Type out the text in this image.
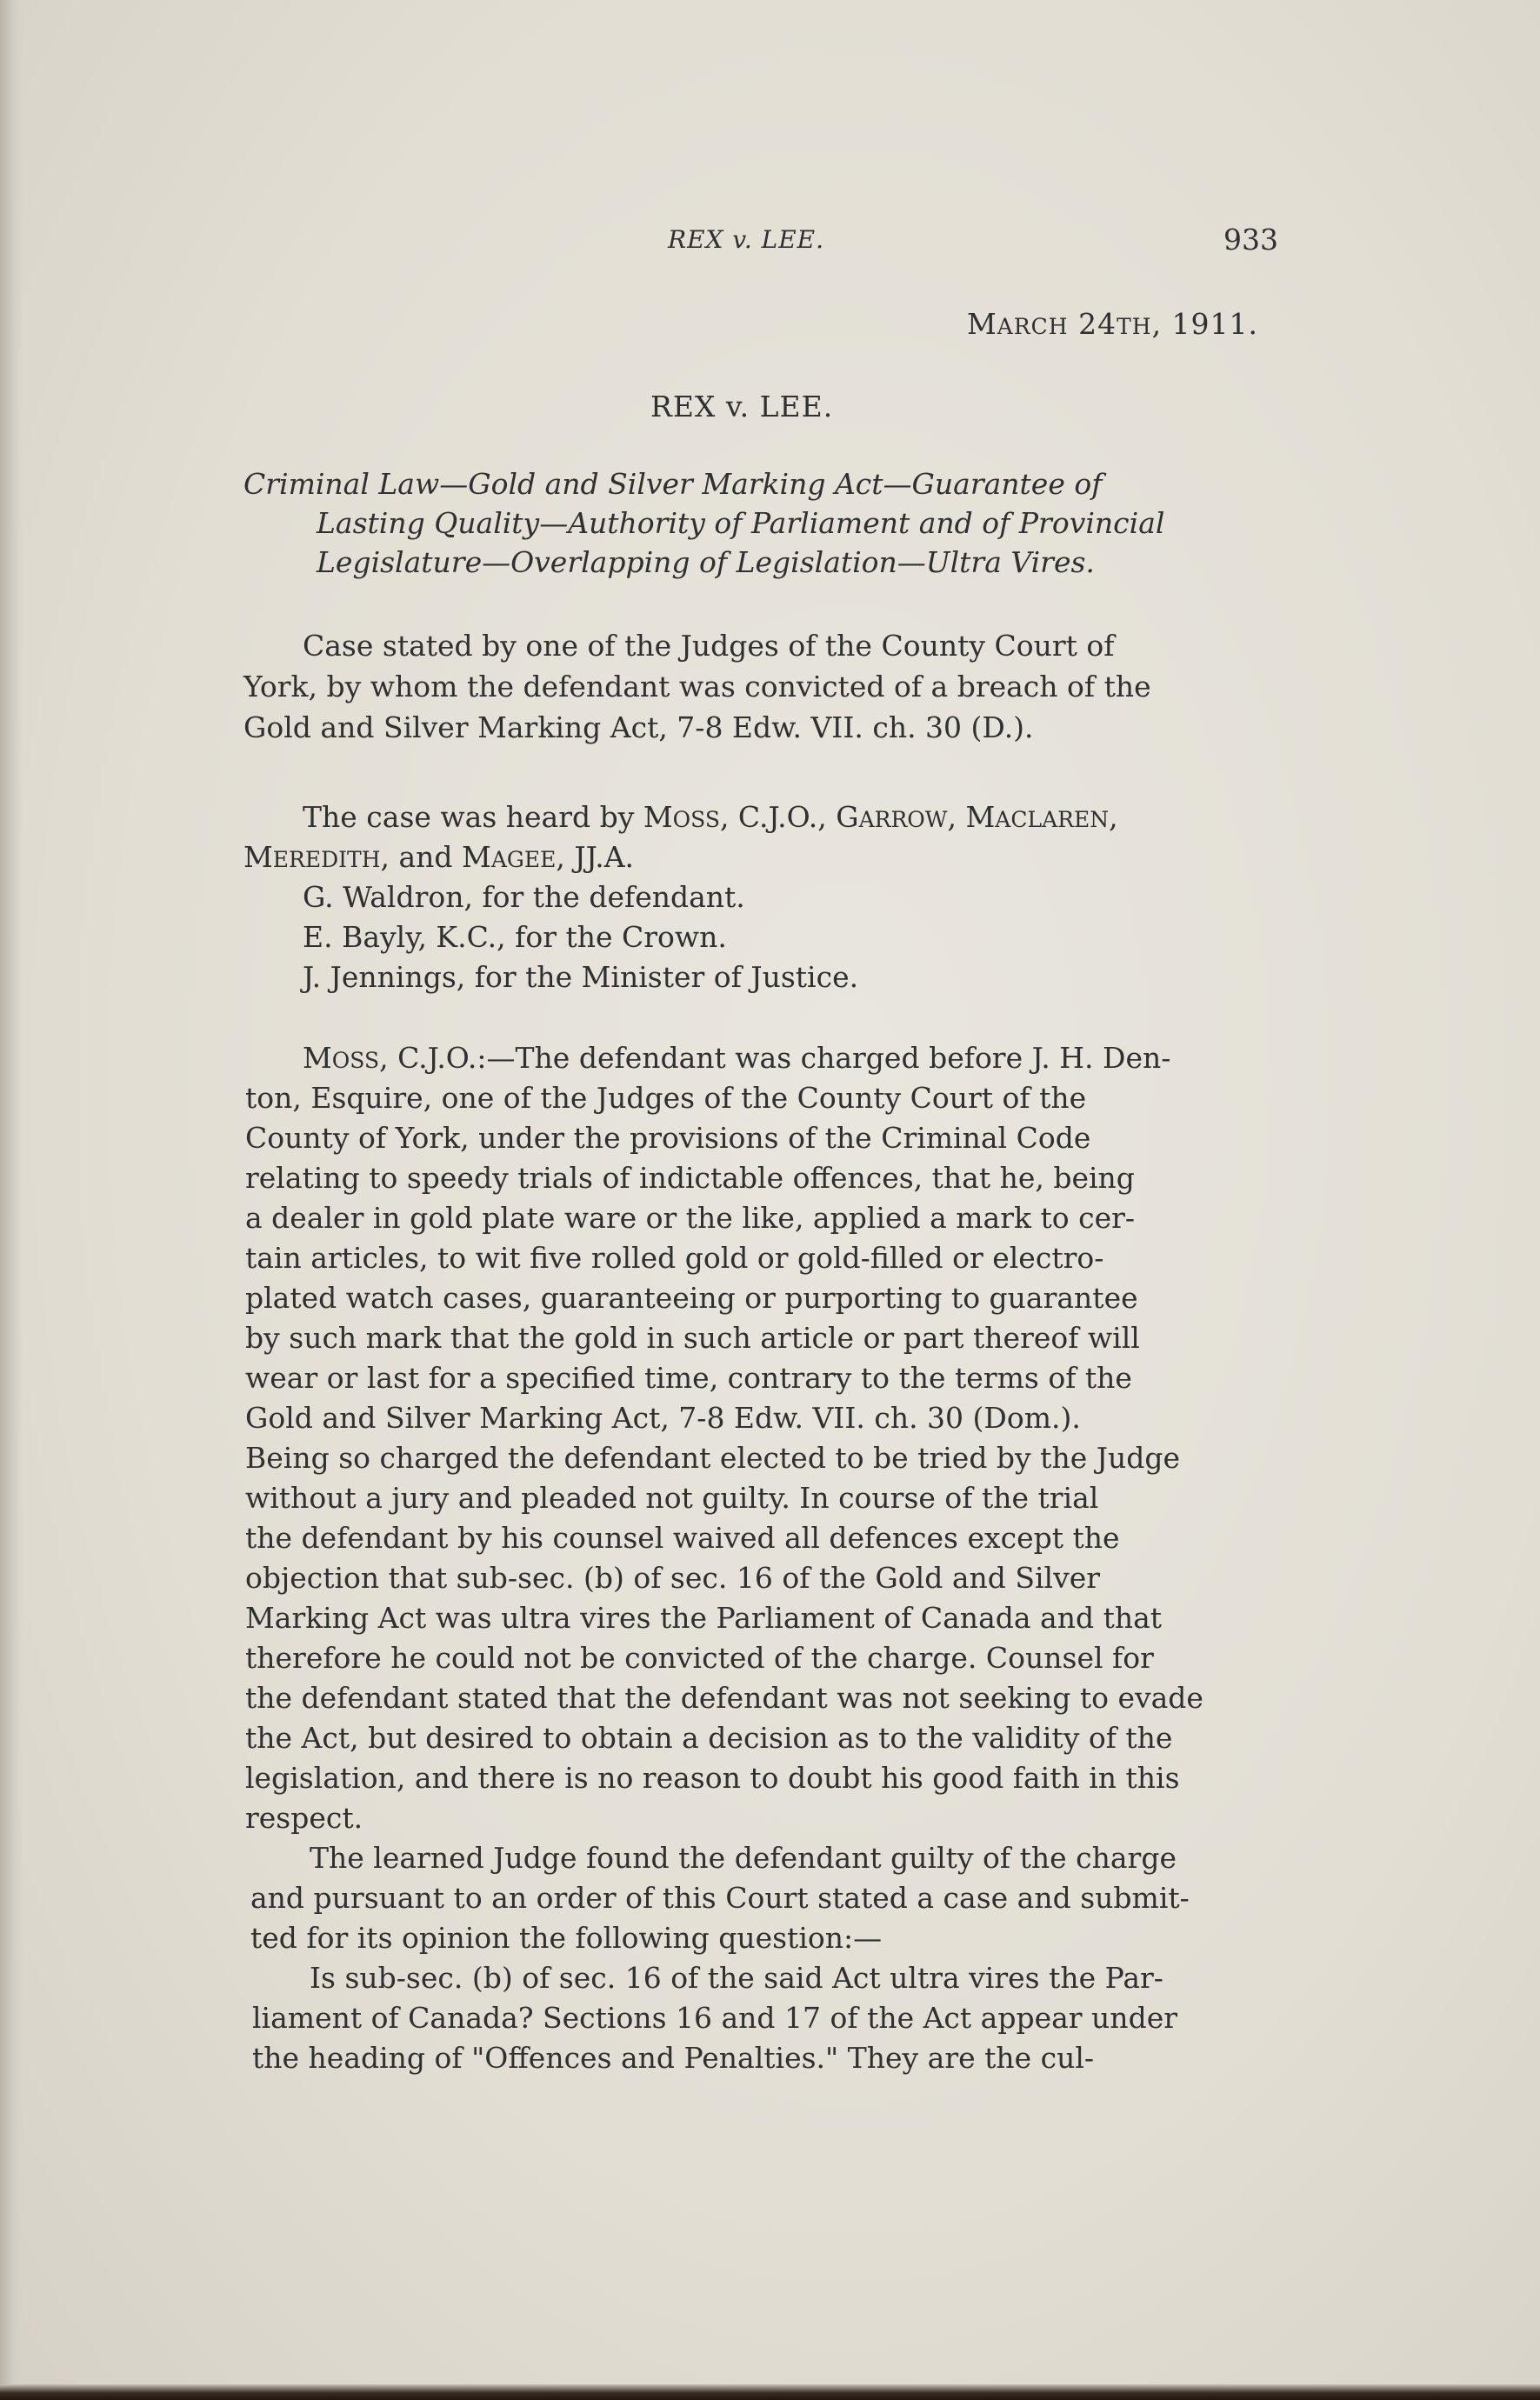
REX v. LEE.	933
MARCH 24TH, 1911.
REX v. LEE.
Criminal Law—Gold and Silver Marking Act—Guarantee of
Lasting Quality—Authority of Parliament and of Provincial
Legislature—Overlapping of Legislation—Ultra Vires.
Case stated by one of the Judges of the County Court of
York, by whom the defendant was convicted of a breach of the
Gold and Silver Marking Act, 7-8 Edw. VII. ch. 30 (D.).
The case was heard by MOSS, C.J.O., GARROW, MACLAREN,
MEREDITH, and MAGEE, JJ.A.
G. Waldron, for the defendant.
E. Bayly, K.C., for the Crown.
J. Jennings, for the Minister of Justice.
MOSS, C.J.O.:—The defendant was charged before J. H. Den-
ton, Esquire, one of the Judges of the County Court of the
County of York, under the provisions of the Criminal Code
relating to speedy trials of indictable offences, that he, being
a dealer in gold plate ware or the like, applied a mark to cer-
tain articles, to wit five rolled gold or gold-filled or electro-
plated watch cases, guaranteeing or purporting to guarantee
by such mark that the gold in such article or part thereof will
wear or last for a specified time, contrary to the terms of the
Gold and Silver Marking Act, 7-8 Edw. VII. ch. 30 (Dom.).
Being so charged the defendant elected to be tried by the Judge
without a jury and pleaded not guilty. In course of the trial
the defendant by his counsel waived all defences except the
objection that sub-sec. (b) of sec. 16 of the Gold and Silver
Marking Act was ultra vires the Parliament of Canada and that
therefore he could not be convicted of the charge. Counsel for
the defendant stated that the defendant was not seeking to evade
the Act, but desired to obtain a decision as to the validity of the
legislation, and there is no reason to doubt his good faith in this
respect.
The learned Judge found the defendant guilty of the charge
and pursuant to an order of this Court stated a case and submit-
ted for its opinion the following question:—
Is sub-sec. (b) of sec. 16 of the said Act ultra vires the Par-
liament of Canada? Sections 16 and 17 of the Act appear under
the heading of "Offences and Penalties." They are the cul-
